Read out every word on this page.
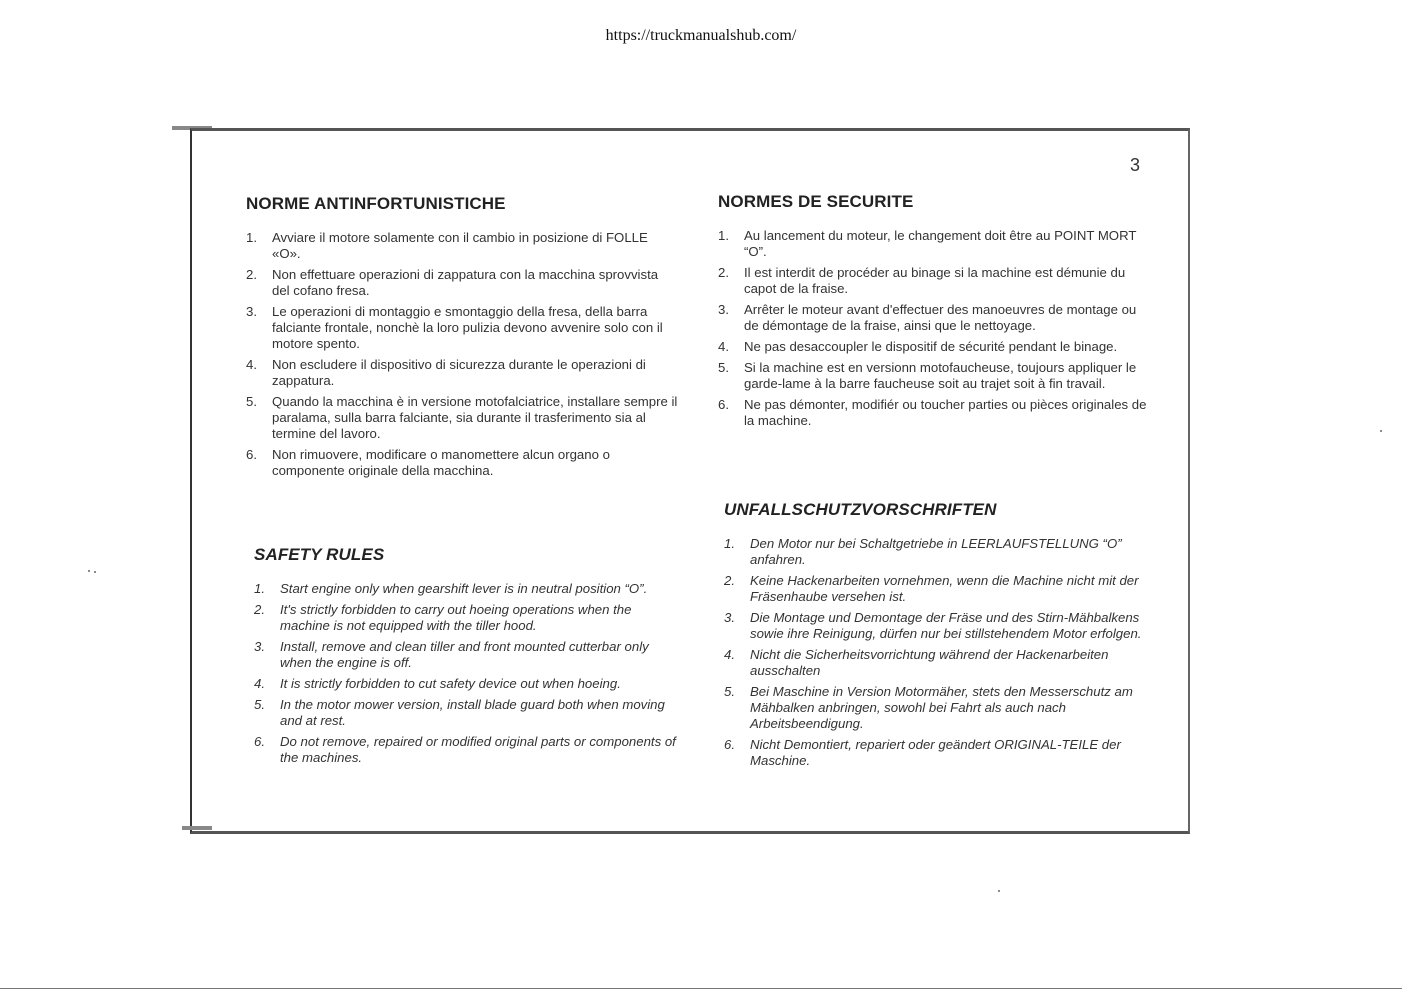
https://truckmanualshub.com/
3
NORME ANTINFORTUNISTICHE
1. Avviare il motore solamente con il cambio in posizione di FOLLE «O».
2. Non effettuare operazioni di zappatura con la macchina sprovvista del cofano fresa.
3. Le operazioni di montaggio e smontaggio della fresa, della barra falciante frontale, nonchè la loro pulizia devono avvenire solo con il motore spento.
4. Non escludere il dispositivo di sicurezza durante le operazioni di zappatura.
5. Quando la macchina è in versione motofalciatrice, installare sempre il paralama, sulla barra falciante, sia durante il trasferimento sia al termine del lavoro.
6. Non rimuovere, modificare o manomettere alcun organo o componente originale della macchina.
NORMES DE SECURITE
1. Au lancement du moteur, le changement doit être au POINT MORT “O”.
2. Il est interdit de procéder au binage si la machine est démunie du capot de la fraise.
3. Arrêter le moteur avant d'effectuer des manoeuvres de montage ou de démontage de la fraise, ainsi que le nettoyage.
4. Ne pas desaccoupler le dispositif de sécurité pendant le binage.
5. Si la machine est en versionn motofaucheuse, toujours appliquer le garde-lame à la barre faucheuse soit au trajet soit à fin travail.
6. Ne pas démonter, modifiér ou toucher parties ou pièces originales de la machine.
SAFETY RULES
1. Start engine only when gearshift lever is in neutral position “O”.
2. It's strictly forbidden to carry out hoeing operations when the machine is not equipped with the tiller hood.
3. Install, remove and clean tiller and front mounted cutterbar only when the engine is off.
4. It is strictly forbidden to cut safety device out when hoeing.
5. In the motor mower version, install blade guard both when moving and at rest.
6. Do not remove, repaired or modified original parts or components of the machines.
UNFALLSCHUTZVORSCHRIFTEN
1. Den Motor nur bei Schaltgetriebe in LEERLAUFSTELLUNG “O” anfahren.
2. Keine Hackenarbeiten vornehmen, wenn die Machine nicht mit der Fräsenhaube versehen ist.
3. Die Montage und Demontage der Fräse und des Stirn-Mähbalkens sowie ihre Reinigung, dürfen nur bei stillstehendem Motor erfolgen.
4. Nicht die Sicherheitsvorrichtung während der Hackenarbeiten ausschalten
5. Bei Maschine in Version Motormäher, stets den Messerschutz am Mähbalken anbringen, sowohl bei Fahrt als auch nach Arbeitsbeendigung.
6. Nicht Demontiert, repariert oder geändert ORIGINAL-TEILE der Maschine.
